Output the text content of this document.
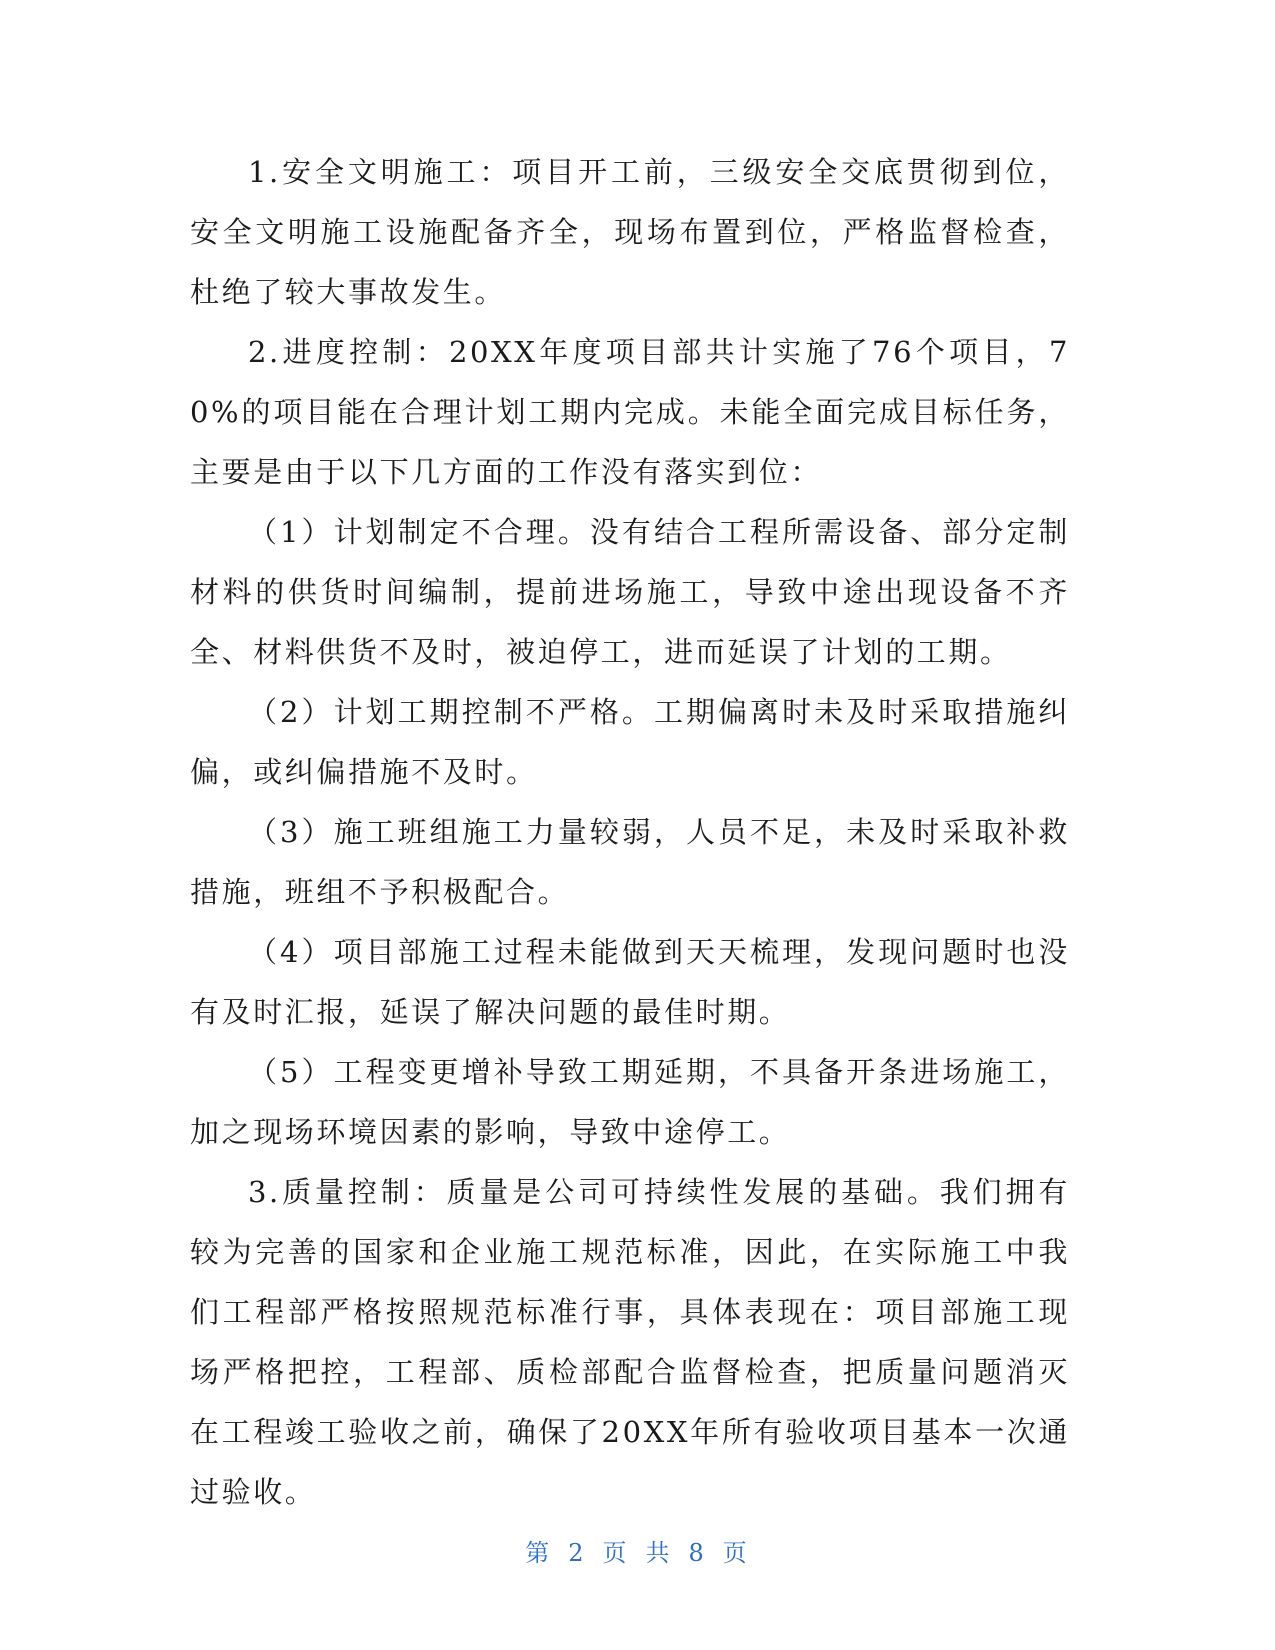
1.安全文明施工：项目开工前，三级安全交底贯彻到位，安全文明施工设施配备齐全，现场布置到位，严格监督检查，杜绝了较大事故发生。

2.进度控制：20XX年度项目部共计实施了76个项目，70%的项目能在合理计划工期内完成。未能全面完成目标任务，主要是由于以下几方面的工作没有落实到位：

（1）计划制定不合理。没有结合工程所需设备、部分定制材料的供货时间编制，提前进场施工，导致中途出现设备不齐全、材料供货不及时，被迫停工，进而延误了计划的工期。

（2）计划工期控制不严格。工期偏离时未及时采取措施纠偏，或纠偏措施不及时。

（3）施工班组施工力量较弱，人员不足，未及时采取补救措施，班组不予积极配合。

（4）项目部施工过程未能做到天天梳理，发现问题时也没有及时汇报，延误了解决问题的最佳时期。

（5）工程变更增补导致工期延期，不具备开条进场施工，加之现场环境因素的影响，导致中途停工。

3.质量控制：质量是公司可持续性发展的基础。我们拥有较为完善的国家和企业施工规范标准，因此，在实际施工中我们工程部严格按照规范标准行事，具体表现在：项目部施工现场严格把控，工程部、质检部配合监督检查，把质量问题消灭在工程竣工验收之前，确保了20XX年所有验收项目基本一次通过验收。

第 2 页 共 8 页
